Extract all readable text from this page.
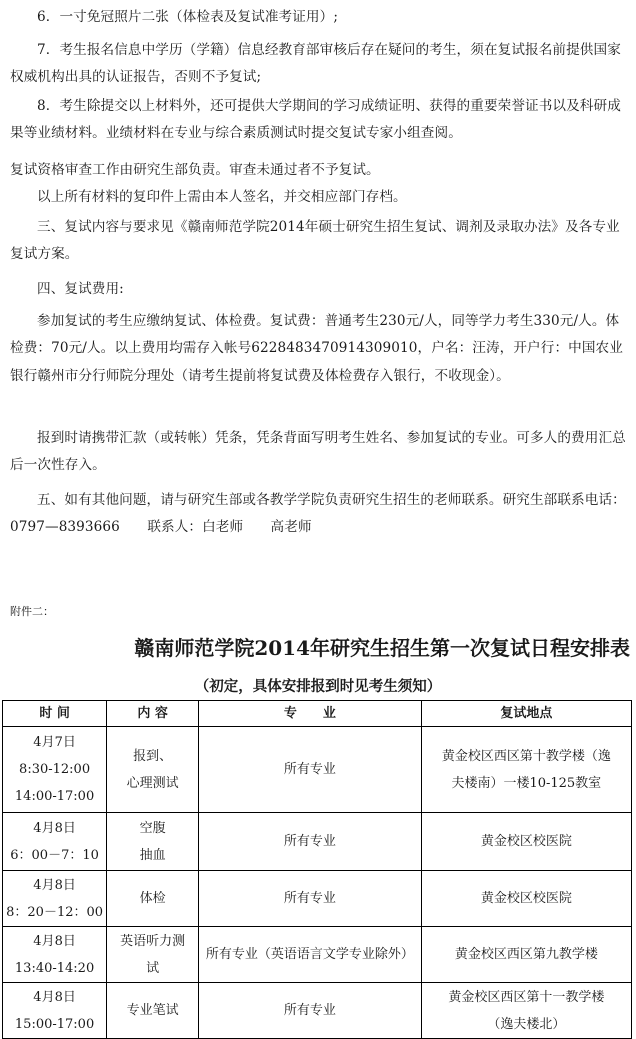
6．一寸免冠照片二张（体检表及复试准考证用）;
7．考生报名信息中学历（学籍）信息经教育部审核后存在疑问的考生，须在复试报名前提供国家权威机构出具的认证报告，否则不予复试;
8．考生除提交以上材料外，还可提供大学期间的学习成绩证明、获得的重要荣誉证书以及科研成果等业绩材料。业绩材料在专业与综合素质测试时提交复试专家小组查阅。
复试资格审查工作由研究生部负责。审查未通过者不予复试。
以上所有材料的复印件上需由本人签名，并交相应部门存档。
三、复试内容与要求见《赣南师范学院2014年硕士研究生招生复试、调剂及录取办法》及各专业复试方案。
四、复试费用:
参加复试的考生应缴纳复试、体检费。复试费：普通考生230元/人，同等学力考生330元/人。体检费：70元/人。以上费用均需存入帐号6228483470914309010，户名：汪涛，开户行：中国农业银行赣州市分行师院分理处（请考生提前将复试费及体检费存入银行，不收现金）。
报到时请携带汇款（或转帐）凭条，凭条背面写明考生姓名、参加复试的专业。可多人的费用汇总后一次性存入。
五、如有其他问题，请与研究生部或各教学学院负责研究生招生的老师联系。研究生部联系电话：0797—8393666　　联系人：白老师　　高老师
附件二：
赣南师范学院2014年研究生招生第一次复试日程安排表
（初定，具体安排报到时见考生须知）
时 间	内 容	专　　业	复试地点

4月7日
8:30-12:00
14:00-17:00	报到、
心理测试	所有专业	黄金校区西区第十教学楼（逸
夫楼南）一楼10-125教室

4月8日
6：00－7：10	空腹
抽血	所有专业	黄金校区校医院

4月8日
8：20－12：00	体检	所有专业	黄金校区校医院

4月8日
13:40-14:20	英语听力测
试	所有专业（英语语言文学专业除外）	黄金校区西区第九教学楼

4月8日
15:00-17:00	专业笔试	所有专业	黄金校区西区第十一教学楼
（逸夫楼北）
